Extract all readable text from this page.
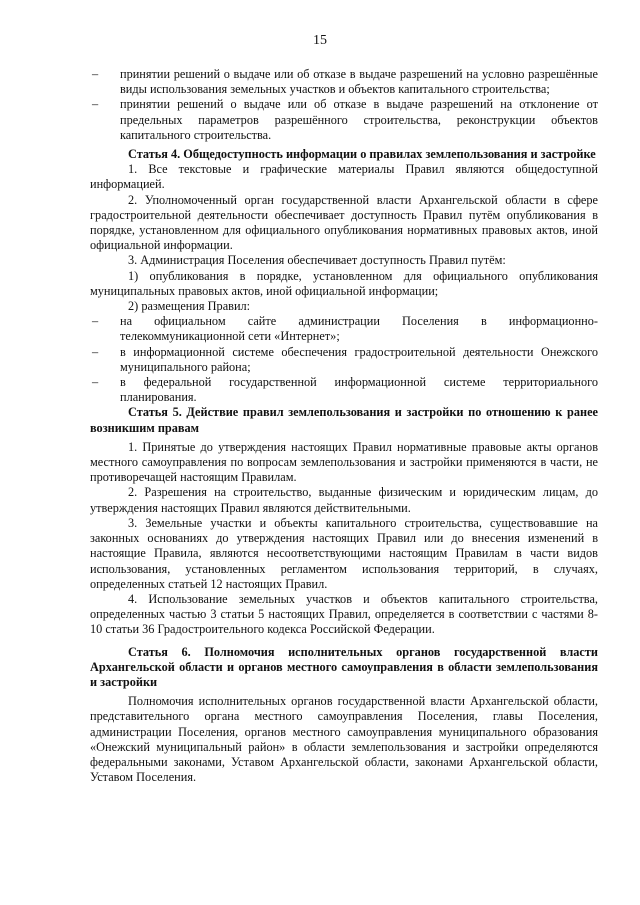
15

– принятии решений о выдаче или об отказе в выдаче разрешений на условно разрешённые виды использования земельных участков и объектов капитального строительства;

– принятии решений о выдаче или об отказе в выдаче разрешений на отклонение от предельных параметров разрешённого строительства, реконструкции объектов капитального строительства.

Статья 4. Общедоступность информации о правилах землепользования и застройке

1. Все текстовые и графические материалы Правил являются общедоступной информацией.

2. Уполномоченный орган государственной власти Архангельской области в сфере градостроительной деятельности обеспечивает доступность Правил путём опубликования в порядке, установленном для официального опубликования нормативных правовых актов, иной официальной информации.

3. Администрация Поселения обеспечивает доступность Правил путём:

1) опубликования в порядке, установленном для официального опубликования муниципальных правовых актов, иной официальной информации;

2) размещения Правил:

– на официальном сайте администрации Поселения в информационно-телекоммуникационной сети «Интернет»;

– в информационной системе обеспечения градостроительной деятельности Онежского муниципального района;

– в федеральной государственной информационной системе территориального планирования.

Статья 5. Действие правил землепользования и застройки по отношению к ранее возникшим правам

1. Принятые до утверждения настоящих Правил нормативные правовые акты органов местного самоуправления по вопросам землепользования и застройки применяются в части, не противоречащей настоящим Правилам.

2. Разрешения на строительство, выданные физическим и юридическим лицам, до утверждения настоящих Правил являются действительными.

3. Земельные участки и объекты капитального строительства, существовавшие на законных основаниях до утверждения настоящих Правил или до внесения изменений в настоящие Правила, являются несоответствующими настоящим Правилам в части видов использования, установленных регламентом использования территорий, в случаях, определенных статьей 12 настоящих Правил.

4. Использование земельных участков и объектов капитального строительства, определенных частью 3 статьи 5 настоящих Правил, определяется в соответствии с частями 8-10 статьи 36 Градостроительного кодекса Российской Федерации.

Статья 6. Полномочия исполнительных органов государственной власти Архангельской области и органов местного самоуправления в области землепользования и застройки

Полномочия исполнительных органов государственной власти Архангельской области, представительного органа местного самоуправления Поселения, главы Поселения, администрации Поселения, органов местного самоуправления муниципального образования «Онежский муниципальный район» в области землепользования и застройки определяются федеральными законами, Уставом Архангельской области, законами Архангельской области, Уставом Поселения.
